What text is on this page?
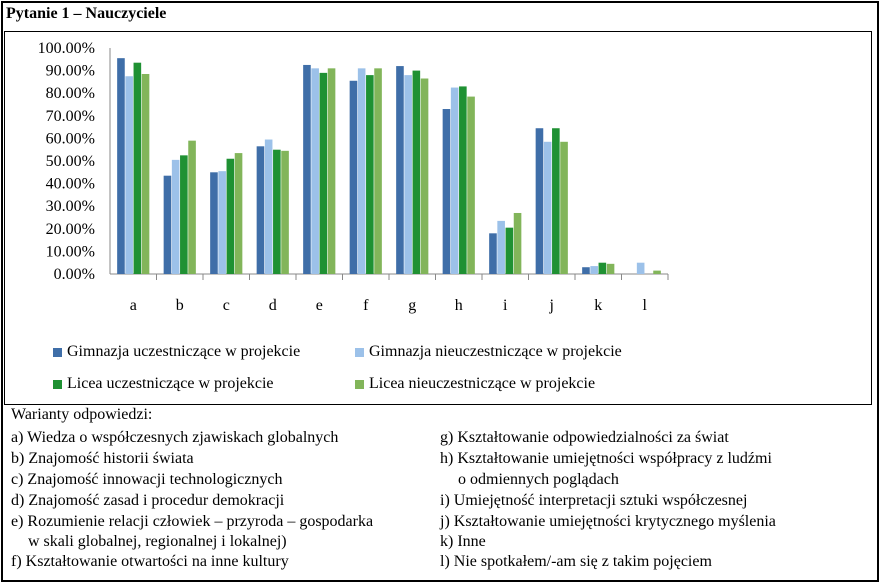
Pytanie 1 – Nauczyciele
0.00%
10.00%
20.00%
30.00%
40.00%
50.00%
60.00%
70.00%
80.00%
90.00%
100.00%
a b c d e	f g h	i	j	k	l
Gimnazja uczestniczące w projekcie	Gimnazja nieuczestniczące w projekcie
Licea uczestniczące w projekcie	Licea nieuczestniczące w projekcie
Warianty odpowiedzi:
a) Wiedza o współczesnych zjawiskach globalnych
b) Znajomość historii świata
c) Znajomość innowacji technologicznych
d) Znajomość zasad i procedur demokracji
e) Rozumienie relacji człowiek – przyroda – gospodarka
w skali globalnej, regionalnej i lokalnej)
f) Kształtowanie otwartości na inne kultury
g) Kształtowanie odpowiedzialności za świat
h) Kształtowanie umiejętności współpracy z ludźmi
o odmiennych poglądach
i) Umiejętność interpretacji sztuki współczesnej
j) Kształtowanie umiejętności krytycznego myślenia
k) Inne
l) Nie spotkałem/-am się z takim pojęciem
